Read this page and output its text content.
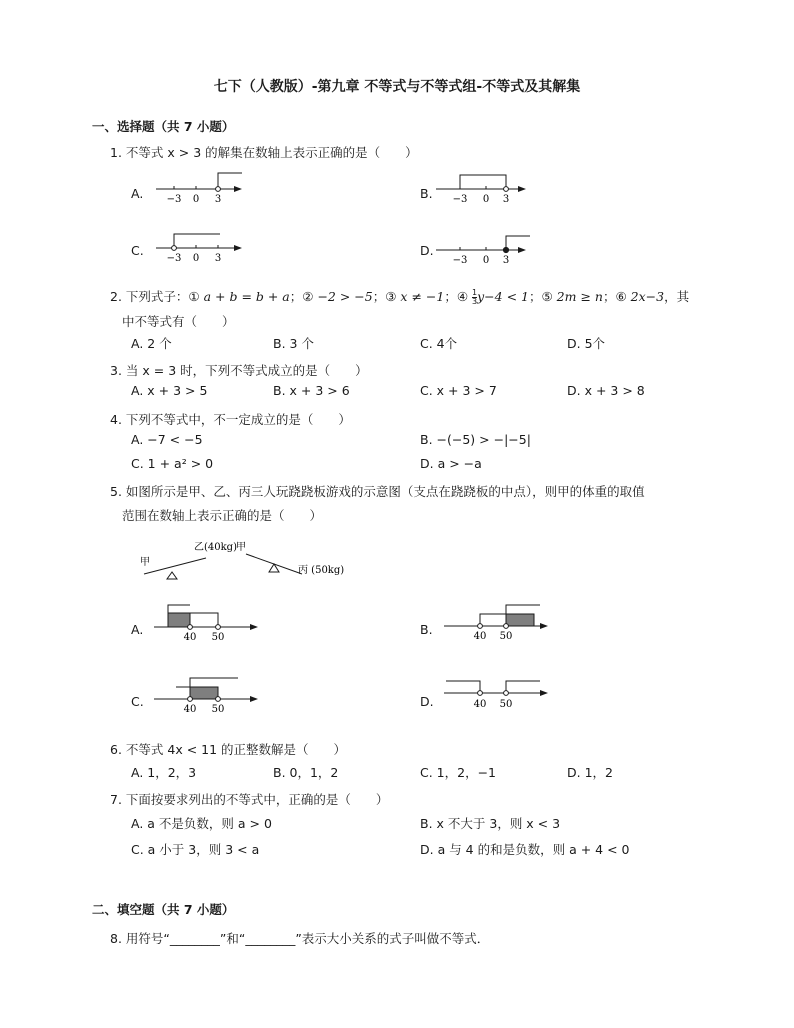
七下（人教版）-第九章 不等式与不等式组-不等式及其解集
一、选择题（共 7 小题）
1. 不等式 x > 3 的解集在数轴上表示正确的是（　　）
A. −3 0 3	B. −3 0 3
C.
−3 0 3
D.
−3 0 3
2. 下列式子：① a + b = b + a；② −2 > −5；③ x ≠ −1；④ $\frac{1}{3} y-4 < 1$；⑤ 2m ≥ n；⑥ 2x−3，其
中不等式有（　　）
A. 2 个	B. 3 个	C. 4个	D. 5个
3. 当 x = 3 时，下列不等式成立的是（　　）
A. x + 3 > 5	B. x + 3 > 6	C. x + 3 > 7	D. x + 3 > 8
4. 下列不等式中，不一定成立的是（　　）
A. −7 < −5	B. −(−5) > −|−5|
C. 1 + a² > 0	D. a > −a
5. 如图所示是甲、乙、丙三人玩跷跷板游戏的示意图（支点在跷跷板的中点），则甲的体重的取值
范围在数轴上表示正确的是（　　）
甲
乙(40kg) 甲
丙 (50kg)
A.
40 50
B.	40 50
C.
40 50
D.	40 50
6. 不等式 4x < 11 的正整数解是（　　）
A. 1，2，3	B. 0，1，2	C. 1，2，−1	D. 1，2
7. 下面按要求列出的不等式中，正确的是（　　）
A. a 不是负数，则 a > 0	B. x 不大于 3，则 x < 3
C. a 小于 3，则 3 < a	D. a 与 4 的和是负数，则 a + 4 < 0
二、填空题（共 7 小题）
8. 用符号“________”和“________”表示大小关系的式子叫做不等式．
